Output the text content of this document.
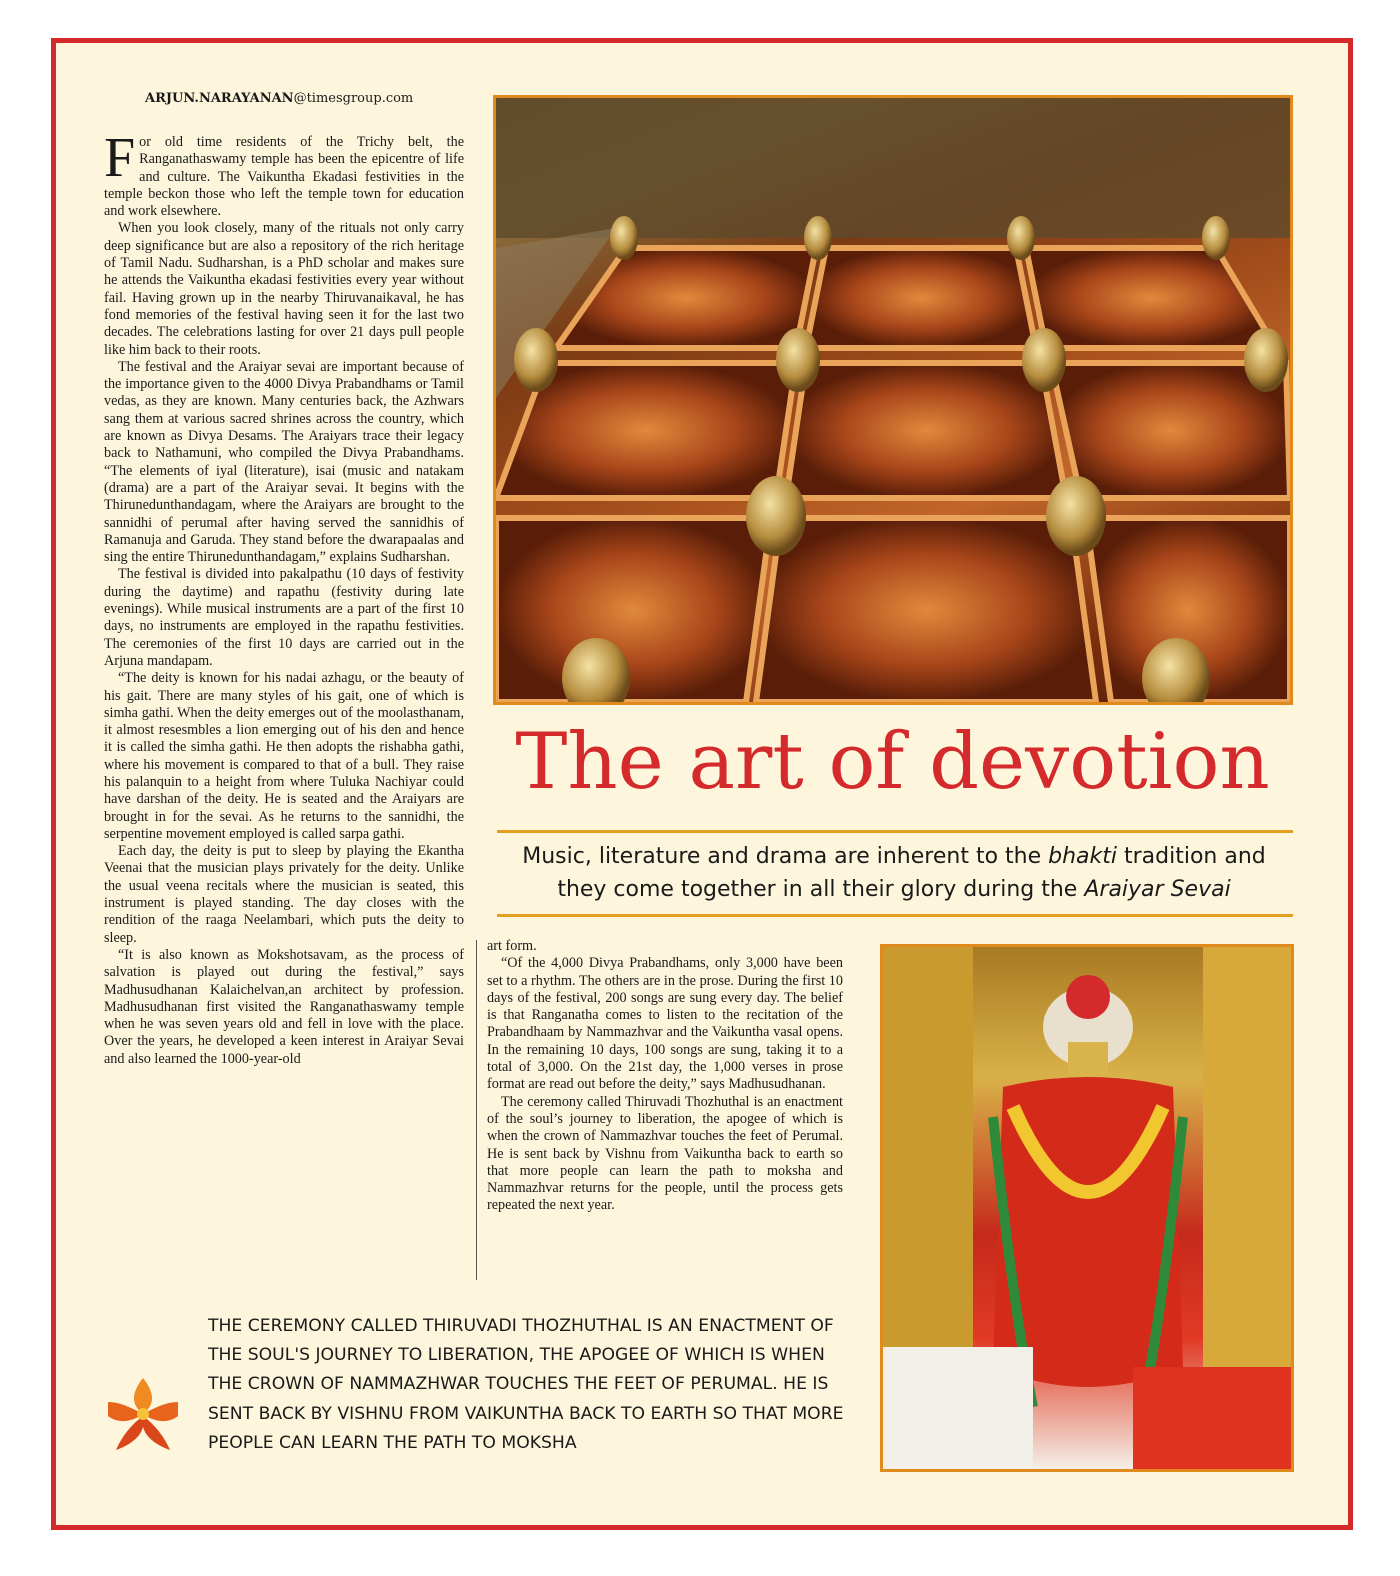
ARJUN.NARAYANAN@timesgroup.com

For old time residents of the Trichy belt, the Ranganathaswamy temple has been the epicentre of life and culture. The Vaikuntha Ekadasi festivities in the temple beckon those who left the temple town for education and work elsewhere.

When you look closely, many of the rituals not only carry deep significance but are also a repository of the rich heritage of Tamil Nadu. Sudharshan, is a PhD scholar and makes sure he attends the Vaikuntha ekadasi festivities every year without fail. Having grown up in the nearby Thiruvanaikaval, he has fond memories of the festival having seen it for the last two decades. The celebrations lasting for over 21 days pull people like him back to their roots.

The festival and the Araiyar sevai are important because of the importance given to the 4000 Divya Prabandhams or Tamil vedas, as they are known. Many centuries back, the Azhwars sang them at various sacred shrines across the country, which are known as Divya Desams. The Araiyars trace their legacy back to Nathamuni, who compiled the Divya Prabandhams. “The elements of iyal (literature), isai (music and natakam (drama) are a part of the Araiyar sevai. It begins with the Thirunedunthandagam, where the Araiyars are brought to the sannidhi of perumal after having served the sannidhis of Ramanuja and Garuda. They stand before the dwarapaalas and sing the entire Thirunedunthandagam,” explains Sudharshan.

The festival is divided into pakalpathu (10 days of festivity during the daytime) and rapathu (festivity during late evenings). While musical instruments are a part of the first 10 days, no instruments are employed in the rapathu festivities. The ceremonies of the first 10 days are carried out in the Arjuna mandapam.

“The deity is known for his nadai azhagu, or the beauty of his gait. There are many styles of his gait, one of which is simha gathi. When the deity emerges out of the moolasthanam, it almost resesmbles a lion emerging out of his den and hence it is called the simha gathi. He then adopts the rishabha gathi, where his movement is compared to that of a bull. They raise his palanquin to a height from where Tuluka Nachiyar could have darshan of the deity. He is seated and the Araiyars are brought in for the sevai. As he returns to the sannidhi, the serpentine movement employed is called sarpa gathi.

Each day, the deity is put to sleep by playing the Ekantha Veenai that the musician plays privately for the deity. Unlike the usual veena recitals where the musician is seated, this instrument is played standing. The day closes with the rendition of the raaga Neelambari, which puts the deity to sleep.

“It is also known as Mokshotsavam, as the process of salvation is played out during the festival,” says Madhusudhanan Kalaichelvan,an architect by profession. Madhusudhanan first visited the Ranganathaswamy temple when he was seven years old and fell in love with the place. Over the years, he developed a keen interest in Araiyar Sevai and also learned the 1000-year-old

art form.

“Of the 4,000 Divya Prabandhams, only 3,000 have been set to a rhythm. The others are in the prose. During the first 10 days of the festival, 200 songs are sung every day. The belief is that Ranganatha comes to listen to the recitation of the Prabandhaam by Nammazhvar and the Vaikuntha vasal opens. In the remaining 10 days, 100 songs are sung, taking it to a total of 3,000. On the 21st day, the 1,000 verses in prose format are read out before the deity,” says Madhusudhanan.

The ceremony called Thiruvadi Thozhuthal is an enactment of the soul’s journey to liberation, the apogee of which is when the crown of Nammazhvar touches the feet of Perumal. He is sent back by Vishnu from Vaikuntha back to earth so that more people can learn the path to moksha and Nammazhvar returns for the people, until the process gets repeated the next year.

The art of devotion
Music, literature and drama are inherent to the bhakti tradition and
they come together in all their glory during the Araiyar Sevai
THE CEREMONY CALLED THIRUVADI THOZHUTHAL IS AN ENACTMENT OF THE SOUL'S JOURNEY TO LIBERATION, THE APOGEE OF WHICH IS WHEN THE CROWN OF NAMMAZHWAR TOUCHES THE FEET OF PERUMAL. HE IS SENT BACK BY VISHNU FROM VAIKUNTHA BACK TO EARTH SO THAT MORE PEOPLE CAN LEARN THE PATH TO MOKSHA
